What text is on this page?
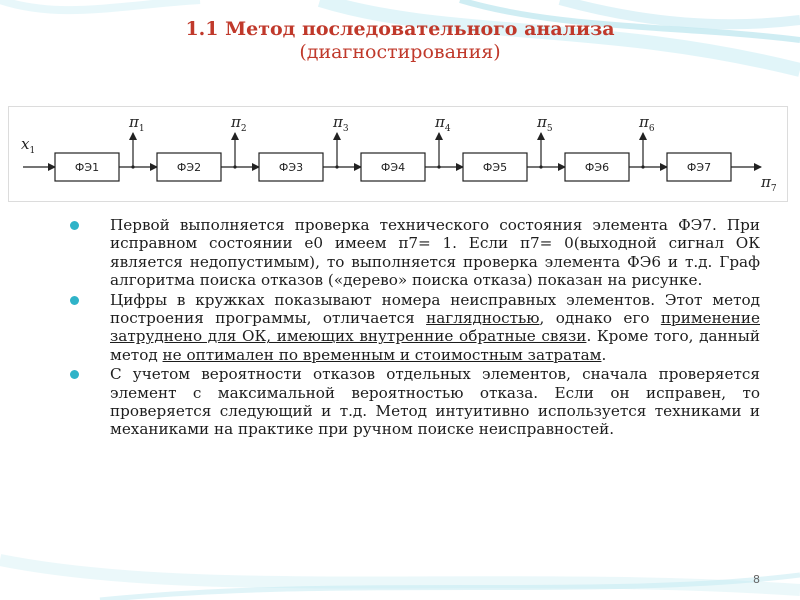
1.1 Метод последовательного анализа
(диагностирования)
$x_1$
ФЭ1
$\pi_1$
ФЭ2
$\pi_2$
ФЭ3
$\pi_3$
ФЭ4
$\pi_4$
ФЭ5
$\pi_5$
ФЭ6
$\pi_6$
ФЭ7
$\pi_7$
Первой выполняется проверка технического состояния элемента ФЭ7. При исправном состоянии е0 имеем π7= 1. Если π7= 0(выходной сигнал ОК является недопустимым), то выполняется проверка элемента ФЭ6 и т.д. Граф алгоритма поиска отказов («дерево» поиска отказа) показан на рисунке.
Цифры в кружках показывают номера неисправных элементов. Этот метод построения программы, отличается наглядностью, однако его применение затруднено для ОК, имеющих внутренние обратные связи. Кроме того, данный метод не оптимален по временным и стоимостным затратам.
С учетом вероятности отказов отдельных элементов, сначала проверяется элемент с максимальной вероятностью отказа. Если он исправен, то проверяется следующий и т.д. Метод интуитивно используется техниками и механиками на практике при ручном поиске неисправностей.
8
